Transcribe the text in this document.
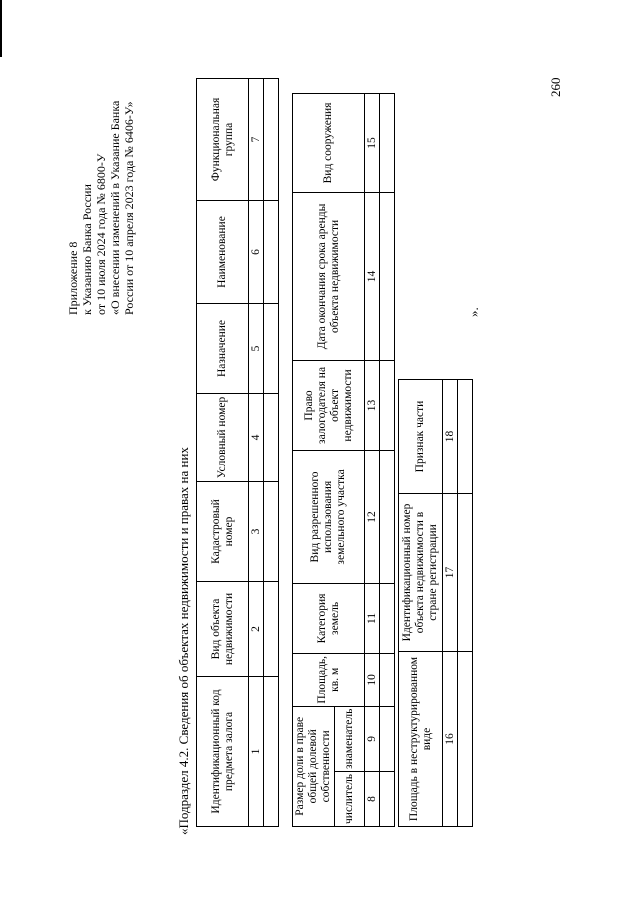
260
Приложение 8 к Указанию Банка России от 10 июля 2024 года № 6800-У «О внесении изменений в Указание Банка России от 10 апреля 2023 года № 6406-У»
«Подраздел 4.2. Сведения об объектах недвижимости и правах на них Идентификационный код предмета залога	Вид объекта недвижимости	Кадастровый номер	Условный номер	Назначение	Наименование	Функциональная группа
1	2	3	4	5	6	7

Размер доли в праве общей долевой собственности		Площадь, кв. м	Категория земель	Вид разрешенного использования земельного участка	Право залогодателя на объект недвижимости	Дата окончания срока аренды объекта недвижимости	Вид сооружения
числитель	знаменатель						
8	9	10	11	12	13	14	15

Площадь в неструктурированном виде	Идентификационный номер объекта недвижимости в стране регистрации	Признак части
16	17	18

».
